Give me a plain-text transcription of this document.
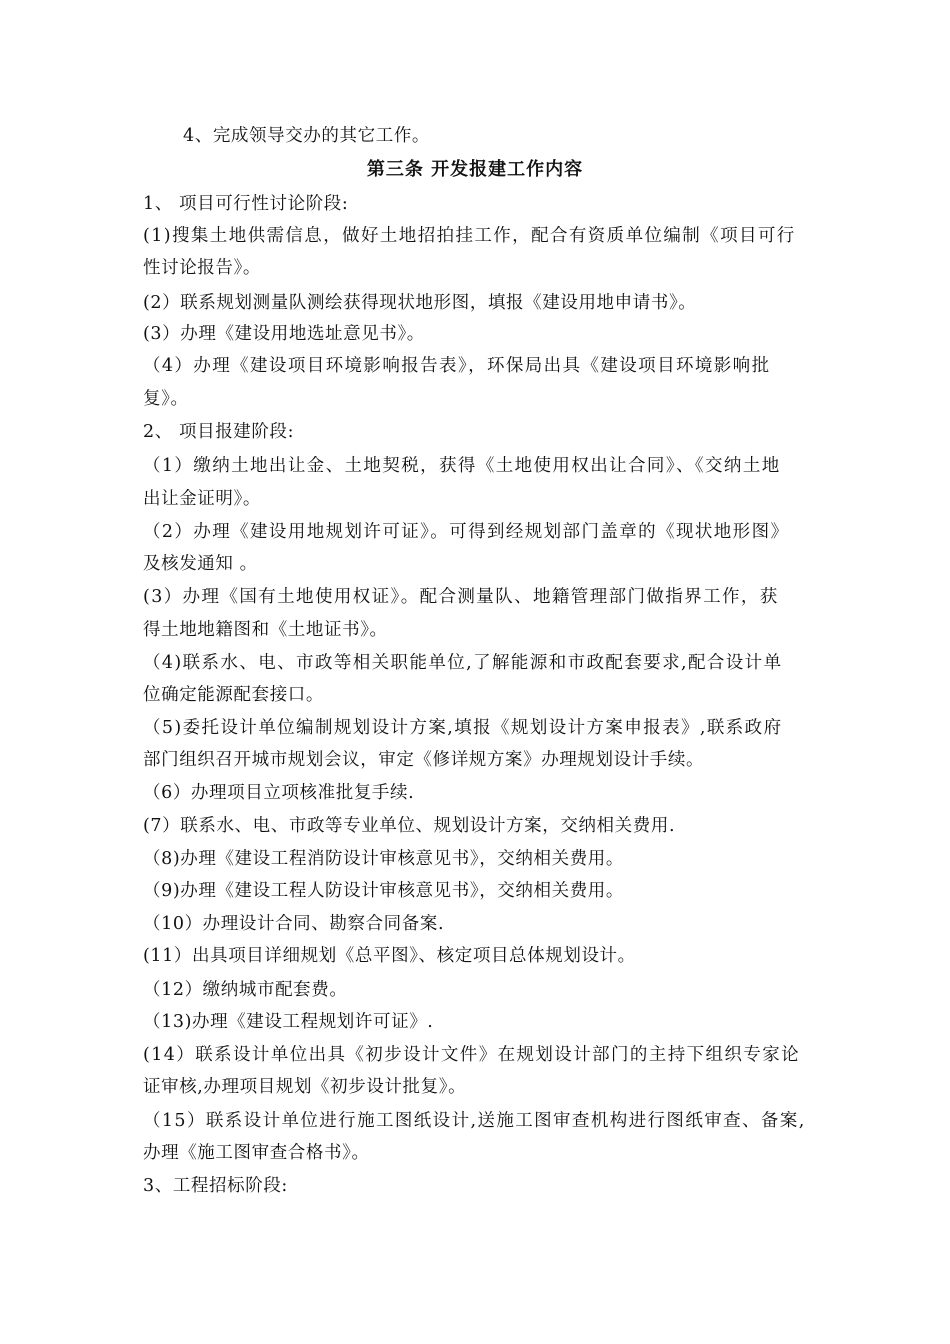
4、完成领导交办的其它工作。
第三条 开发报建工作内容
1、 项目可行性讨论阶段:
(1)搜集土地供需信息，做好土地招拍挂工作，配合有资质单位编制《项目可行
性讨论报告》。
(2）联系规划测量队测绘获得现状地形图，填报《建设用地申请书》。
(3）办理《建设用地选址意见书》。
（4）办理《建设项目环境影响报告表》，环保局出具《建设项目环境影响批
复》。
2、 项目报建阶段:
（1）缴纳土地出让金、土地契税，获得《土地使用权出让合同》、《交纳土地
出让金证明》。
（2）办理《建设用地规划许可证》。可得到经规划部门盖章的《现状地形图》
及核发通知 。
(3）办理《国有土地使用权证》。配合测量队、地籍管理部门做指界工作，获
得土地地籍图和《土地证书》。
（4)联系水、电、市政等相关职能单位,了解能源和市政配套要求,配合设计单
位确定能源配套接口。
（5)委托设计单位编制规划设计方案,填报《规划设计方案申报表》,联系政府
部门组织召开城市规划会议，审定《修详规方案》办理规划设计手续。
（6）办理项目立项核准批复手续.
(7）联系水、电、市政等专业单位、规划设计方案，交纳相关费用.
（8)办理《建设工程消防设计审核意见书》，交纳相关费用。
（9)办理《建设工程人防设计审核意见书》，交纳相关费用。
（10）办理设计合同、勘察合同备案.
(11）出具项目详细规划《总平图》、核定项目总体规划设计。
（12）缴纳城市配套费。
（13)办理《建设工程规划许可证》.
(14）联系设计单位出具《初步设计文件》在规划设计部门的主持下组织专家论
证审核,办理项目规划《初步设计批复》。
（15）联系设计单位进行施工图纸设计,送施工图审查机构进行图纸审查、备案,
办理《施工图审查合格书》。
3、工程招标阶段:
